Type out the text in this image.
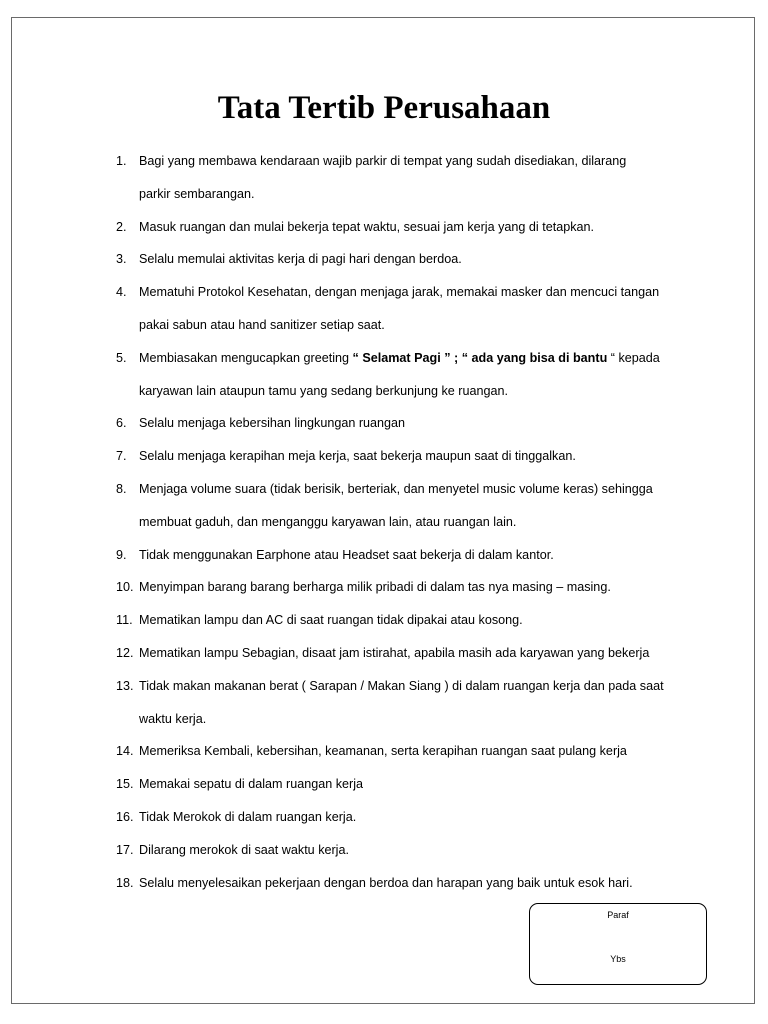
Tata Tertib Perusahaan
1. Bagi yang membawa kendaraan wajib parkir di tempat yang sudah disediakan, dilarang
parkir sembarangan.
2. Masuk ruangan dan mulai bekerja tepat waktu, sesuai jam kerja yang di tetapkan.
3. Selalu memulai aktivitas kerja di pagi hari dengan berdoa.
4. Mematuhi Protokol Kesehatan, dengan menjaga jarak, memakai masker dan mencuci tangan
pakai sabun atau hand sanitizer setiap saat.
5. Membiasakan mengucapkan greeting “ Selamat Pagi ” ; “ ada yang bisa di bantu “ kepada
karyawan lain ataupun tamu yang sedang berkunjung ke ruangan.
6. Selalu menjaga kebersihan lingkungan ruangan
7. Selalu menjaga kerapihan meja kerja, saat bekerja maupun saat di tinggalkan.
8. Menjaga volume suara (tidak berisik, berteriak, dan menyetel music volume keras) sehingga
membuat gaduh, dan menganggu karyawan lain, atau ruangan lain.
9. Tidak menggunakan Earphone atau Headset saat bekerja di dalam kantor.
10. Menyimpan barang barang berharga milik pribadi di dalam tas nya masing – masing.
11. Mematikan lampu dan AC di saat ruangan tidak dipakai atau kosong.
12. Mematikan lampu Sebagian, disaat jam istirahat, apabila masih ada karyawan yang bekerja
13. Tidak makan makanan berat ( Sarapan / Makan Siang ) di dalam ruangan kerja dan pada saat
waktu kerja.
14. Memeriksa Kembali, kebersihan, keamanan, serta kerapihan ruangan saat pulang kerja
15. Memakai sepatu di dalam ruangan kerja
16. Tidak Merokok di dalam ruangan kerja.
17. Dilarang merokok di saat waktu kerja.
18. Selalu menyelesaikan pekerjaan dengan berdoa dan harapan yang baik untuk esok hari.
Paraf
Ybs
